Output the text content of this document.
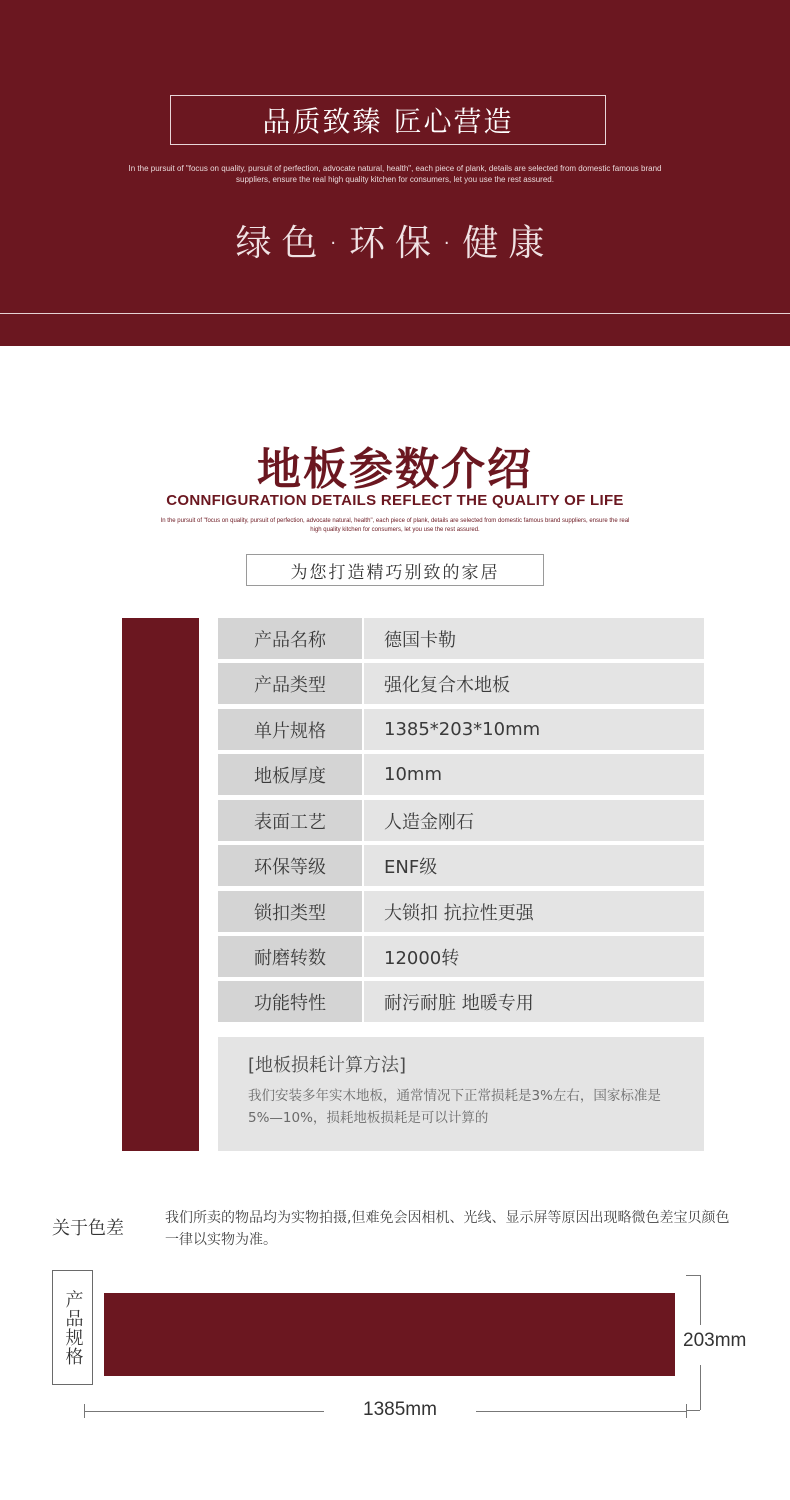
品质致臻 匠心营造
In the pursuit of "focus on quality, pursuit of perfection, advocate natural, health", each piece of plank, details are selected from domestic famous brand suppliers, ensure the real high quality kitchen for consumers, let you use the rest assured.
绿色·环保·健康
地板参数介绍
CONNFIGURATION DETAILS REFLECT THE QUALITY OF LIFE
In the pursuit of "focus on quality, pursuit of perfection, advocate natural, health", each piece of plank, details are selected from domestic famous brand suppliers, ensure the real high quality kitchen for consumers, let you use the rest assured.
为您打造精巧别致的家居
产品名称	德国卡勒
产品类型	强化复合木地板
单片规格	1385*203*10mm
地板厚度	10mm
表面工艺	人造金刚石
环保等级	ENF级
锁扣类型	大锁扣 抗拉性更强
耐磨转数	12000转
功能特性	耐污耐脏 地暖专用
[地板损耗计算方法]
我们安装多年实木地板，通常情况下正常损耗是3%左右，国家标准是5%—10%，损耗地板损耗是可以计算的
关于色差	我们所卖的物品均为实物拍摄,但难免会因相机、光线、显示屏等原因出现略微色差宝贝颜色一律以实物为准。
产品规格
1385mm
203mm
